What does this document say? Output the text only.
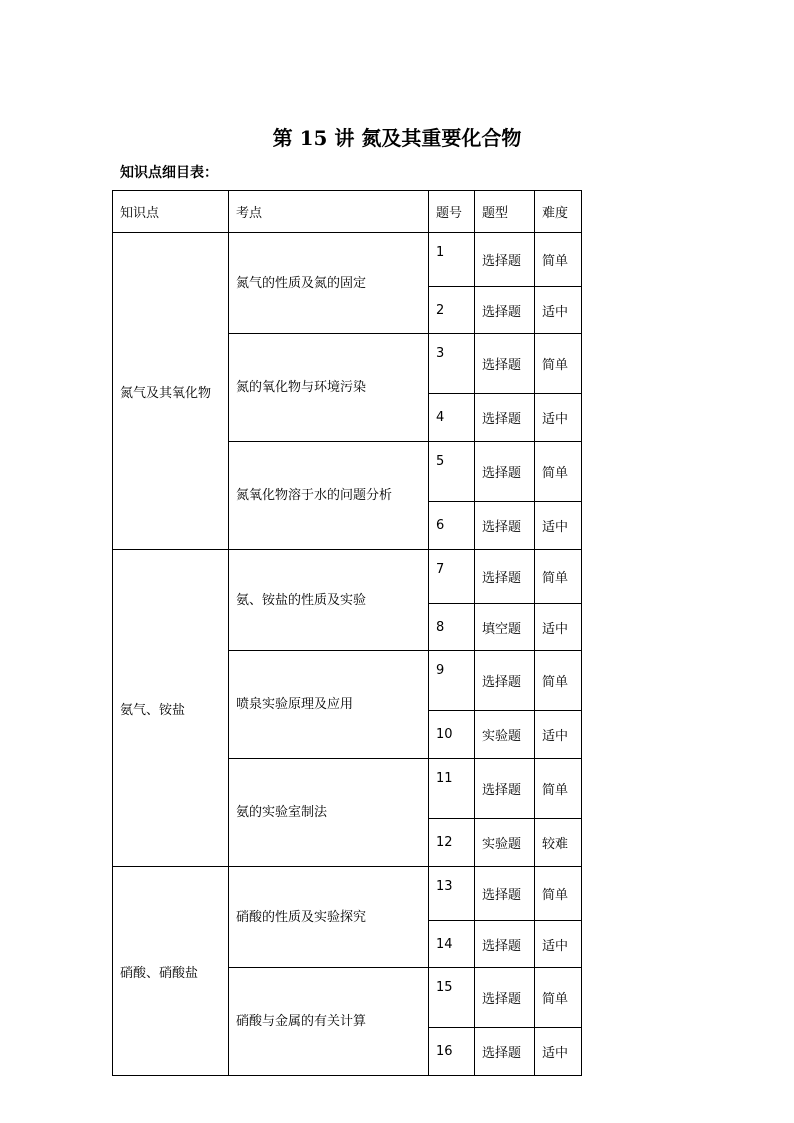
第 15 讲 氮及其重要化合物

知识点细目表：

知识点	考点	题号	题型	难度
氮气及其氧化物	氮气的性质及氮的固定	1	选择题	简单
		2	选择题	适中
	氮的氧化物与环境污染	3	选择题	简单
		4	选择题	适中
	氮氧化物溶于水的问题分析	5	选择题	简单
		6	选择题	适中
氨气、铵盐	氨、铵盐的性质及实验	7	选择题	简单
		8	填空题	适中
	喷泉实验原理及应用	9	选择题	简单
		10	实验题	适中
	氨的实验室制法	11	选择题	简单
		12	实验题	较难
硝酸、硝酸盐	硝酸的性质及实验探究	13	选择题	简单
		14	选择题	适中
	硝酸与金属的有关计算	15	选择题	简单
		16	选择题	适中
